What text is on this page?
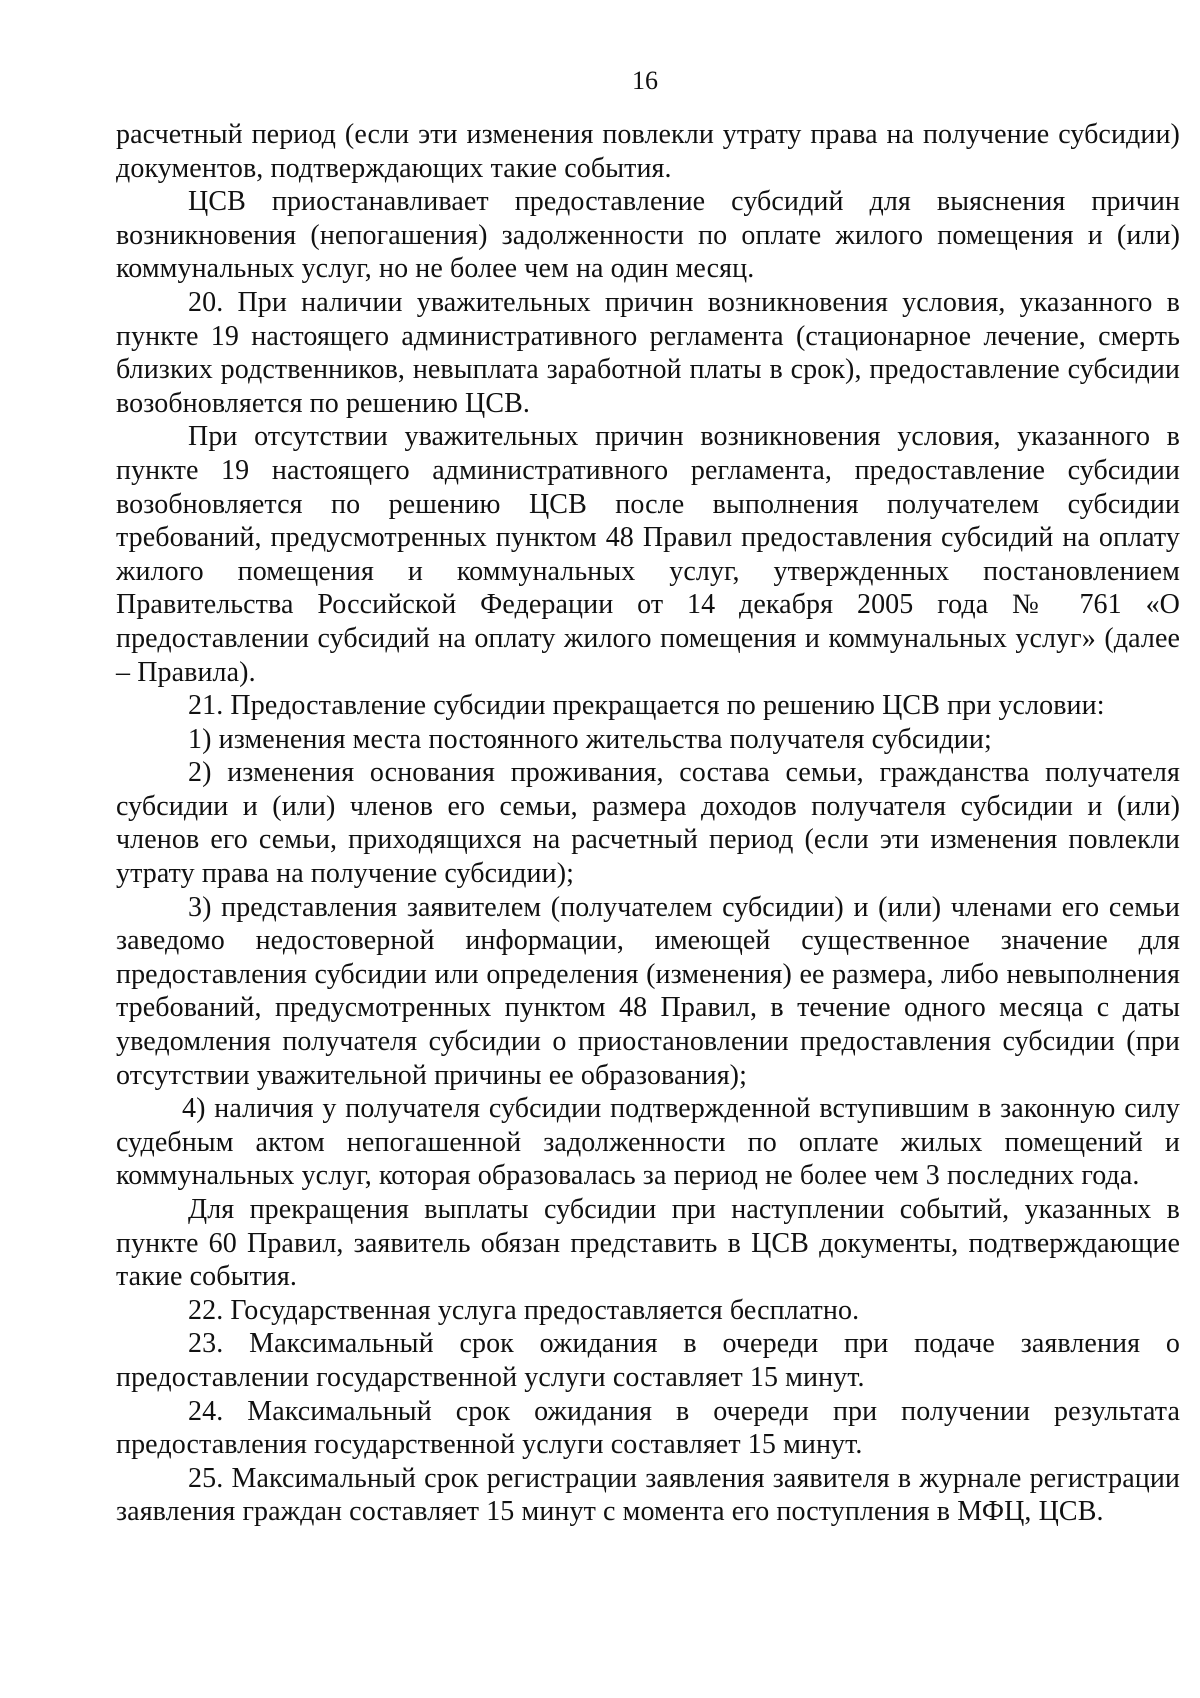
16

расчетный период (если эти изменения повлекли утрату права на получение субсидии) документов, подтверждающих такие события.

ЦСВ приостанавливает предоставление субсидий для выяснения причин возникновения (непогашения) задолженности по оплате жилого помещения и (или) коммунальных услуг, но не более чем на один месяц.

20. При наличии уважительных причин возникновения условия, указанного в пункте 19 настоящего административного регламента (стационарное лечение, смерть близких родственников, невыплата заработной платы в срок), предоставление субсидии возобновляется по решению ЦСВ.

При отсутствии уважительных причин возникновения условия, указанного в пункте 19 настоящего административного регламента, предоставление субсидии возобновляется по решению ЦСВ после выполнения получателем субсидии требований, предусмотренных пунктом 48 Правил предоставления субсидий на оплату жилого помещения и коммунальных услуг, утвержденных постановлением Правительства Российской Федерации от 14 декабря 2005 года № 761 «О предоставлении субсидий на оплату жилого помещения и коммунальных услуг» (далее – Правила).

21. Предоставление субсидии прекращается по решению ЦСВ при условии:

1) изменения места постоянного жительства получателя субсидии;

2) изменения основания проживания, состава семьи, гражданства получателя субсидии и (или) членов его семьи, размера доходов получателя субсидии и (или) членов его семьи, приходящихся на расчетный период (если эти изменения повлекли утрату права на получение субсидии);

3) представления заявителем (получателем субсидии) и (или) членами его семьи заведомо недостоверной информации, имеющей существенное значение для предоставления субсидии или определения (изменения) ее размера, либо невыполнения требований, предусмотренных пунктом 48 Правил, в течение одного месяца с даты уведомления получателя субсидии о приостановлении предоставления субсидии (при отсутствии уважительной причины ее образования);

4) наличия у получателя субсидии подтвержденной вступившим в законную силу судебным актом непогашенной задолженности по оплате жилых помещений и коммунальных услуг, которая образовалась за период не более чем 3 последних года.

Для прекращения выплаты субсидии при наступлении событий, указанных в пункте 60 Правил, заявитель обязан представить в ЦСВ документы, подтверждающие такие события.

22. Государственная услуга предоставляется бесплатно.

23. Максимальный срок ожидания в очереди при подаче заявления о предоставлении государственной услуги составляет 15 минут.

24. Максимальный срок ожидания в очереди при получении результата предоставления государственной услуги составляет 15 минут.

25. Максимальный срок регистрации заявления заявителя в журнале регистрации заявления граждан составляет 15 минут с момента его поступления в МФЦ, ЦСВ.
